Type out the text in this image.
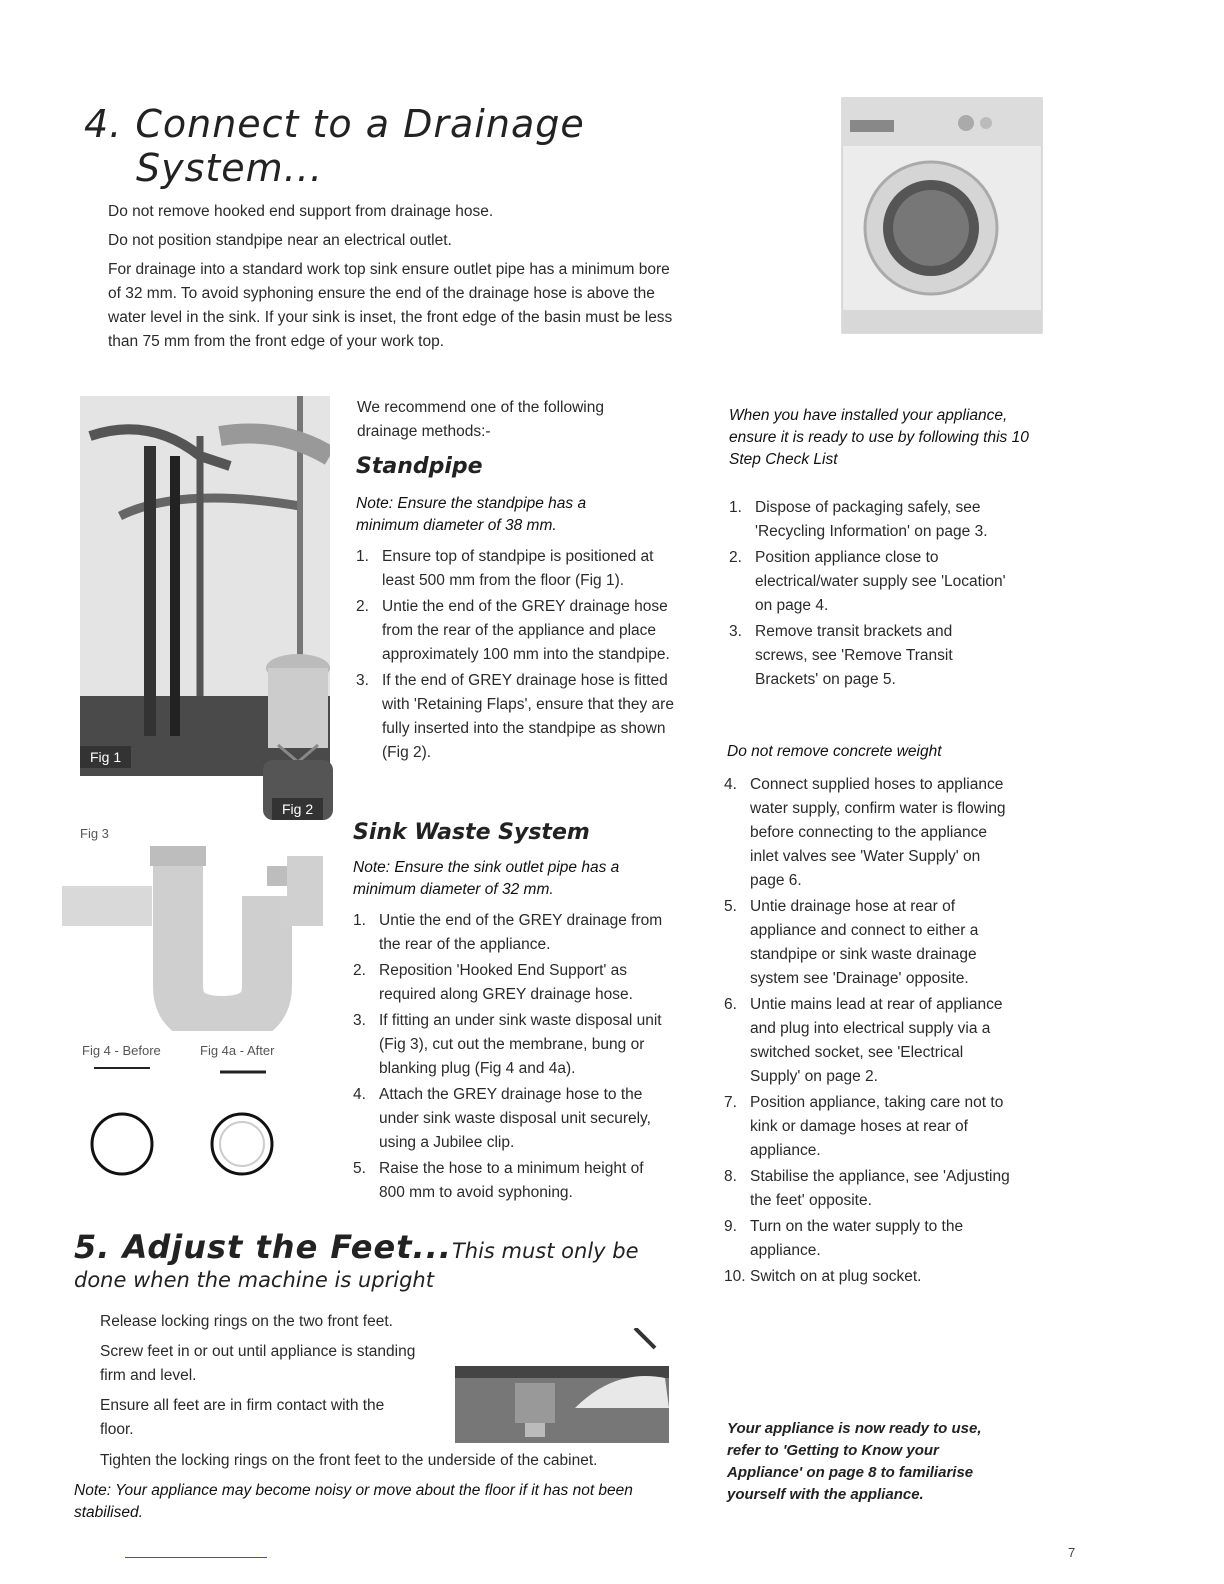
4. Connect to a Drainage
System...

Do not remove hooked end support from drainage hose.

Do not position standpipe near an electrical outlet.

For drainage into a standard work top sink ensure outlet pipe has a minimum bore of 32 mm. To avoid syphoning ensure the end of the drainage hose is above the water level in the sink. If your sink is inset, the front edge of the basin must be less than 75 mm from the front edge of your work top.

Fig 1
Fig 2
Fig 3
Fig 4 - Before	Fig 4a - After

We recommend one of the following drainage methods:-

Standpipe

Note: Ensure the standpipe has a minimum diameter of 38 mm.

1. Ensure top of standpipe is positioned at least 500 mm from the floor (Fig 1).
2. Untie the end of the GREY drainage hose from the rear of the appliance and place approximately 100 mm into the standpipe.
3. If the end of GREY drainage hose is fitted with 'Retaining Flaps', ensure that they are fully inserted into the standpipe as shown (Fig 2).
Sink Waste System

Note: Ensure the sink outlet pipe has a minimum diameter of 32 mm.

1. Untie the end of the GREY drainage from the rear of the appliance.
2. Reposition 'Hooked End Support' as required along GREY drainage hose.
3. If fitting an under sink waste disposal unit (Fig 3), cut out the membrane, bung or blanking plug (Fig 4 and 4a).
4. Attach the GREY drainage hose to the under sink waste disposal unit securely, using a Jubilee clip.
5. Raise the hose to a minimum height of 800 mm to avoid syphoning.
5. Adjust the Feet...This must only be
done when the machine is upright

Release locking rings on the two front feet.

Screw feet in or out until appliance is standing firm and level.

Ensure all feet are in firm contact with the floor.

Tighten the locking rings on the front feet to the underside of the cabinet.

Note: Your appliance may become noisy or move about the floor if it has not been stabilised.

When you have installed your appliance, ensure it is ready to use by following this 10 Step Check List

1. Dispose of packaging safely, see 'Recycling Information' on page 3.
2. Position appliance close to electrical/water supply see 'Location' on page 4.
3. Remove transit brackets and screws, see 'Remove Transit Brackets' on page 5.

Do not remove concrete weight

4. Connect supplied hoses to appliance water supply, confirm water is flowing before connecting to the appliance inlet valves see 'Water Supply' on page 6.
5. Untie drainage hose at rear of appliance and connect to either a standpipe or sink waste drainage system see 'Drainage' opposite.
6. Untie mains lead at rear of appliance and plug into electrical supply via a switched socket, see 'Electrical Supply' on page 2.
7. Position appliance, taking care not to kink or damage hoses at rear of appliance.
8. Stabilise the appliance, see 'Adjusting the feet' opposite.
9. Turn on the water supply to the appliance.
10. Switch on at plug socket.

Your appliance is now ready to use, refer to 'Getting to Know your Appliance' on page 8 to familiarise yourself with the appliance.

7
